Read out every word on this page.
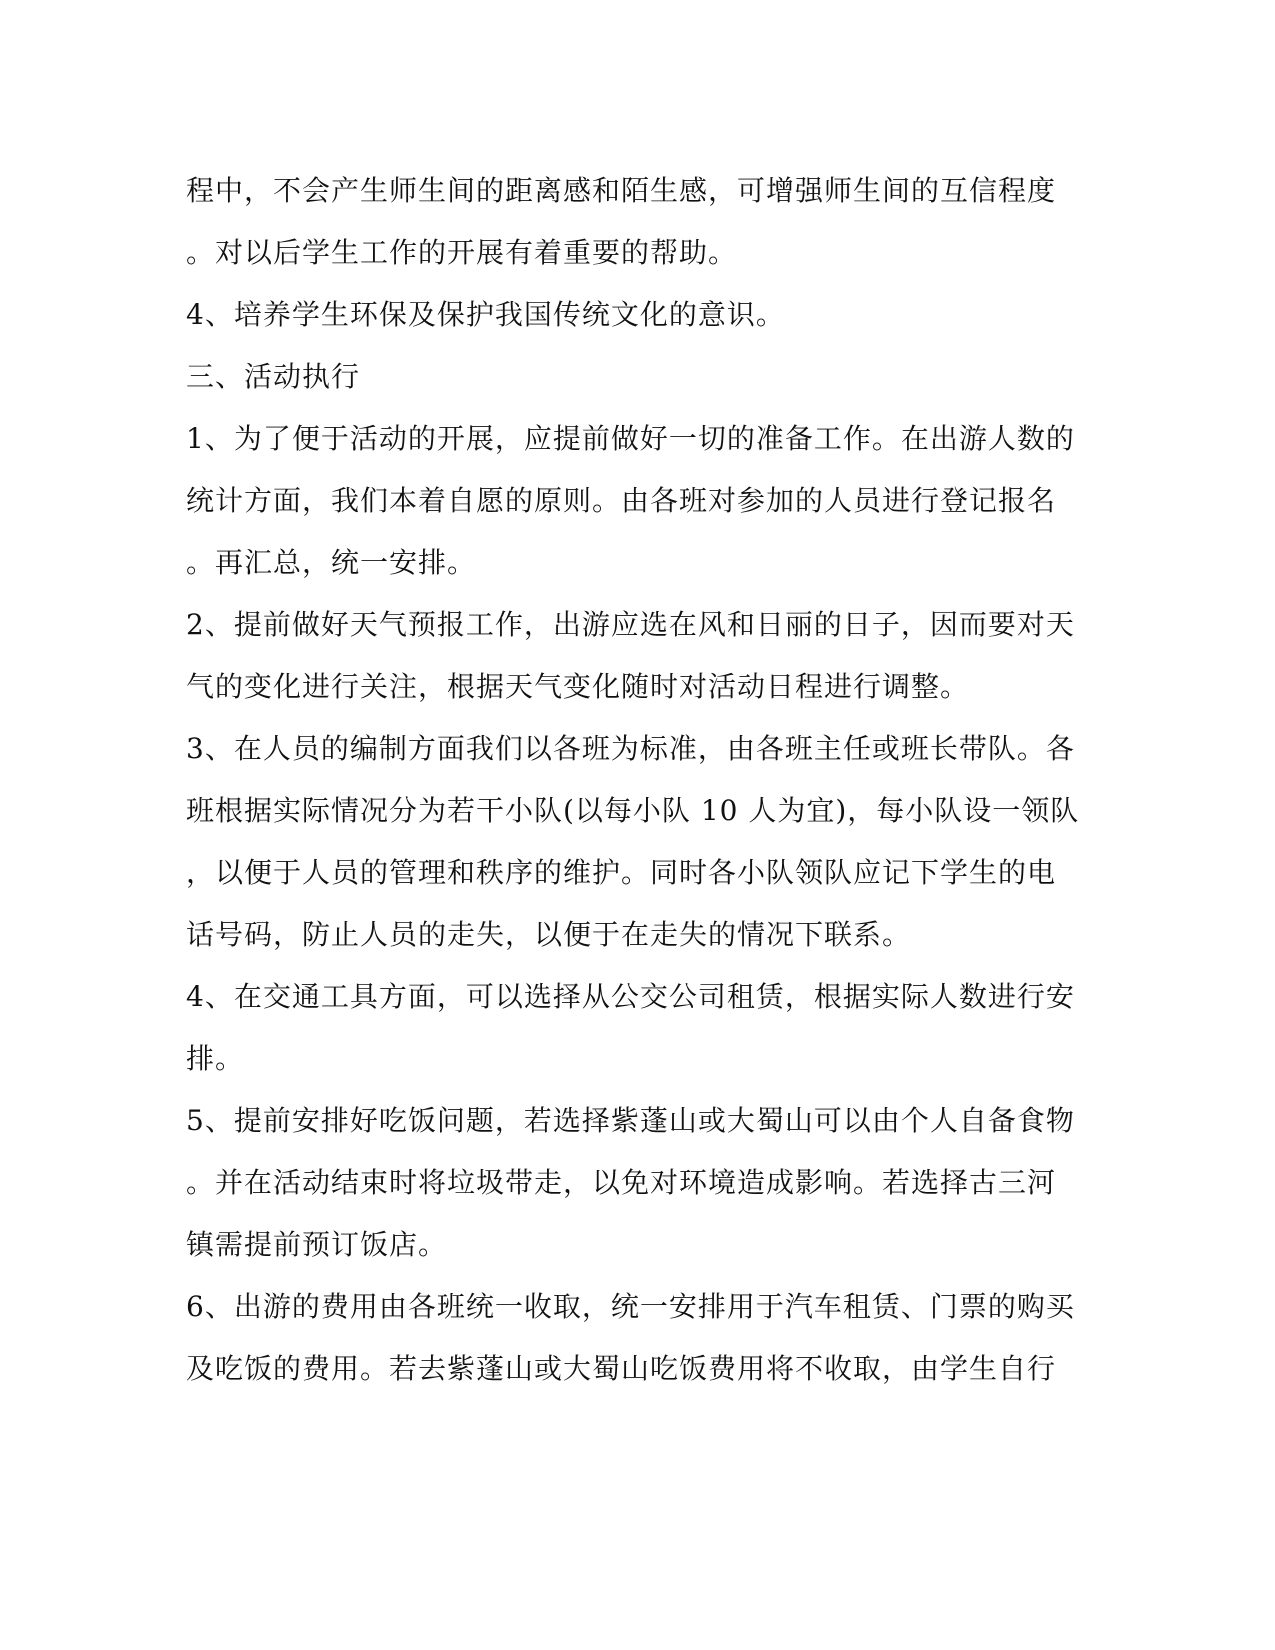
程中，不会产生师生间的距离感和陌生感，可增强师生间的互信程度
。对以后学生工作的开展有着重要的帮助。
4、培养学生环保及保护我国传统文化的意识。
三、活动执行
1、为了便于活动的开展，应提前做好一切的准备工作。在出游人数的
统计方面，我们本着自愿的原则。由各班对参加的人员进行登记报名
。再汇总，统一安排。
2、提前做好天气预报工作，出游应选在风和日丽的日子，因而要对天
气的变化进行关注，根据天气变化随时对活动日程进行调整。
3、在人员的编制方面我们以各班为标准，由各班主任或班长带队。各
班根据实际情况分为若干小队(以每小队 10 人为宜)，每小队设一领队
，以便于人员的管理和秩序的维护。同时各小队领队应记下学生的电
话号码，防止人员的走失，以便于在走失的情况下联系。
4、在交通工具方面，可以选择从公交公司租赁，根据实际人数进行安
排。
5、提前安排好吃饭问题，若选择紫蓬山或大蜀山可以由个人自备食物
。并在活动结束时将垃圾带走，以免对环境造成影响。若选择古三河
镇需提前预订饭店。
6、出游的费用由各班统一收取，统一安排用于汽车租赁、门票的购买
及吃饭的费用。若去紫蓬山或大蜀山吃饭费用将不收取，由学生自行
